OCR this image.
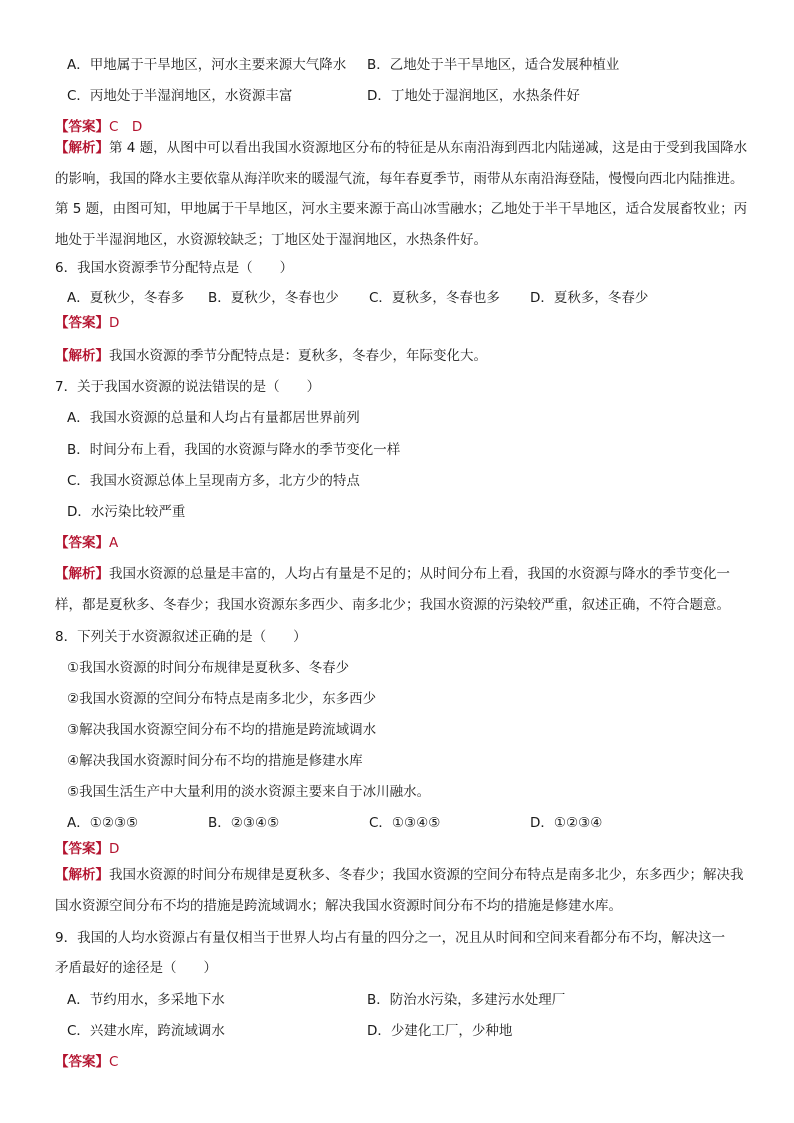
A．甲地属于干旱地区，河水主要来源大气降水 B．乙地处于半干旱地区，适合发展种植业
C．丙地处于半湿润地区，水资源丰富	D．丁地处于湿润地区，水热条件好
【答案】C　D
【解析】第 4 题，从图中可以看出我国水资源地区分布的特征是从东南沿海到西北内陆递减，这是由于受到我国降水的影响，我国的降水主要依靠从海洋吹来的暖湿气流，每年春夏季节，雨带从东南沿海登陆，慢慢向西北内陆推进。第 5 题，由图可知，甲地属于干旱地区，河水主要来源于高山冰雪融水；乙地处于半干旱地区，适合发展畜牧业；丙地处于半湿润地区，水资源较缺乏；丁地区处于湿润地区，水热条件好。
6．我国水资源季节分配特点是（　　）
A．夏秋少，冬春多 B．夏秋少，冬春也少 C．夏秋多，冬春也多 D．夏秋多，冬春少
【答案】D
【解析】我国水资源的季节分配特点是：夏秋多，冬春少，年际变化大。
7．关于我国水资源的说法错误的是（　　）
A．我国水资源的总量和人均占有量都居世界前列
B．时间分布上看，我国的水资源与降水的季节变化一样
C．我国水资源总体上呈现南方多，北方少的特点
D．水污染比较严重
【答案】A
【解析】我国水资源的总量是丰富的，人均占有量是不足的；从时间分布上看，我国的水资源与降水的季节变化一样，都是夏秋多、冬春少；我国水资源东多西少、南多北少；我国水资源的污染较严重，叙述正确，不符合题意。
8．下列关于水资源叙述正确的是（　　）
①我国水资源的时间分布规律是夏秋多、冬春少
②我国水资源的空间分布特点是南多北少，东多西少
③解决我国水资源空间分布不均的措施是跨流域调水
④解决我国水资源时间分布不均的措施是修建水库
⑤我国生活生产中大量利用的淡水资源主要来自于冰川融水。
A．①②③⑤	B．②③④⑤	C．①③④⑤	D．①②③④
【答案】D
【解析】我国水资源的时间分布规律是夏秋多、冬春少；我国水资源的空间分布特点是南多北少，东多西少；解决我国水资源空间分布不均的措施是跨流域调水；解决我国水资源时间分布不均的措施是修建水库。
9．我国的人均水资源占有量仅相当于世界人均占有量的四分之一，况且从时间和空间来看都分布不均，解决这一
矛盾最好的途径是（　　）
A．节约用水，多采地下水	B．防治水污染，多建污水处理厂
C．兴建水库，跨流域调水	D．少建化工厂，少种地
【答案】C
